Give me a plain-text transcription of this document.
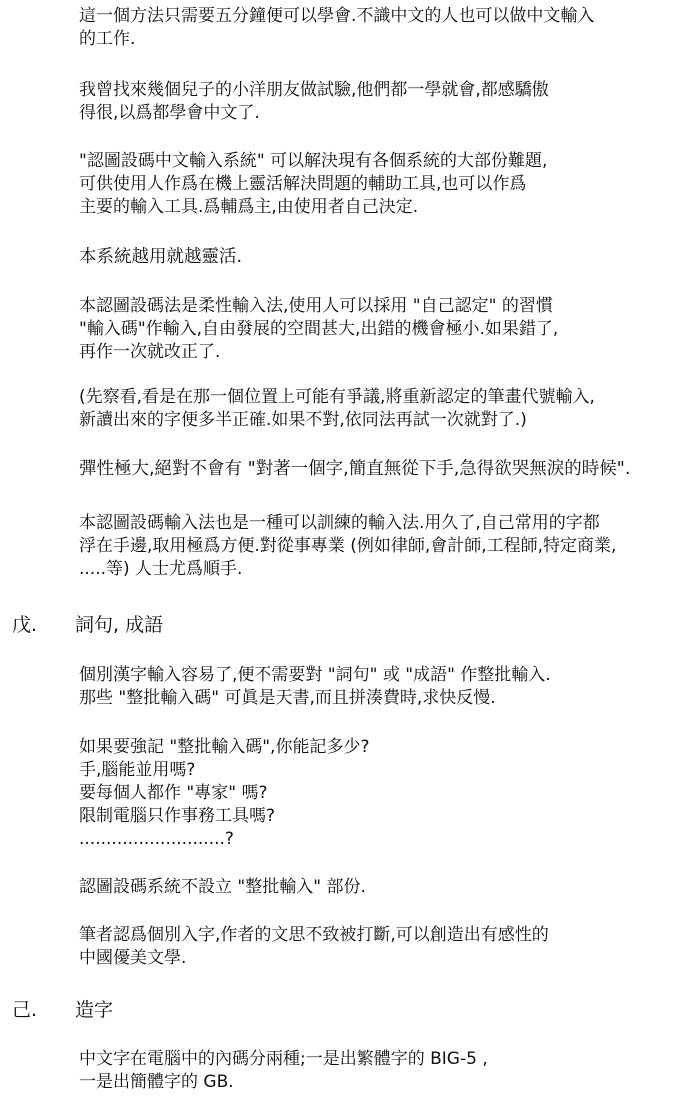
這一個方法只需要五分鐘便可以學會.不識中文的人也可以做中文輸入
的工作.
我曾找來幾個兒子的小洋朋友做試驗,他們都一學就會,都感驕傲
得很,以爲都學會中文了.
"認圖設碼中文輸入系統" 可以解決現有各個系統的大部份難題,
可供使用人作爲在機上靈活解決問題的輔助工具,也可以作爲
主要的輸入工具.爲輔爲主,由使用者自己決定.
本系統越用就越靈活.
本認圖設碼法是柔性輸入法,使用人可以採用 "自己認定" 的習慣
"輸入碼"作輸入,自由發展的空間甚大,出錯的機會極小.如果錯了,
再作一次就改正了.
(先察看,看是在那一個位置上可能有爭議,將重新認定的筆畫代號輸入,
新讀出來的字便多半正確.如果不對,依同法再試一次就對了.)
彈性極大,絕對不會有 "對著一個字,簡直無從下手,急得欲哭無淚的時候".
本認圖設碼輸入法也是一種可以訓練的輸入法.用久了,自己常用的字都
浮在手邊,取用極爲方便.對從事專業 (例如律師,會計師,工程師,特定商業,
.....等) 人士尤爲順手.
戊. 詞句, 成語
個別漢字輸入容易了,便不需要對 "詞句" 或 "成語" 作整批輸入.
那些 "整批輸入碼" 可眞是天書,而且拼湊費時,求快反慢.
如果要強記 "整批輸入碼",你能記多少?
手,腦能並用嗎?
要每個人都作 "專家" 嗎?
限制電腦只作事務工具嗎?
...........................?
認圖設碼系統不設立 "整批輸入" 部份.
筆者認爲個別入字,作者的文思不致被打斷,可以創造出有感性的
中國優美文學.
己. 造字
中文字在電腦中的內碼分兩種;一是出繁體字的 BIG-5 ,
一是出簡體字的 GB.
